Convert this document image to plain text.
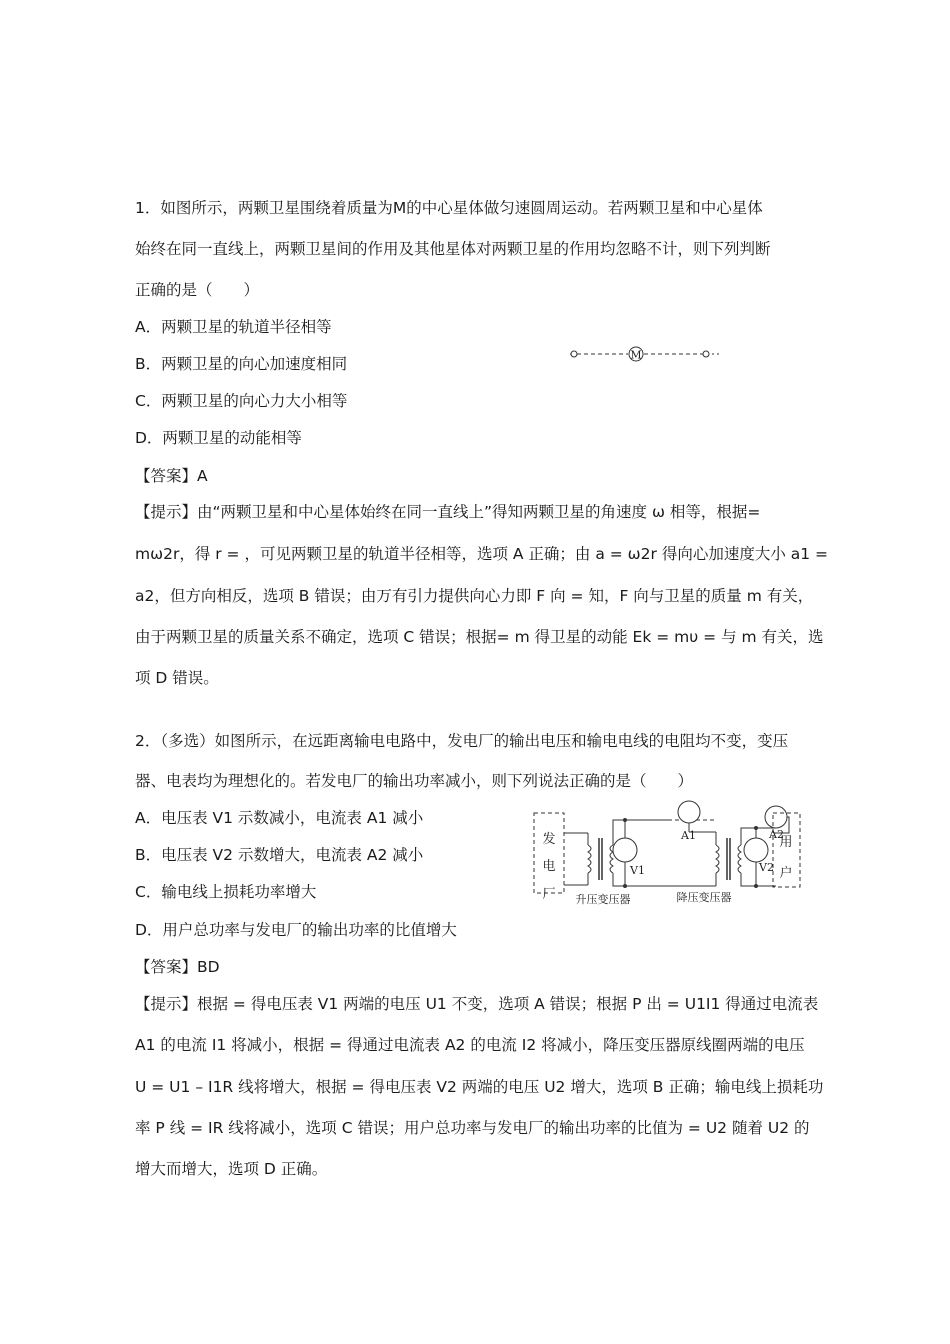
1．如图所示，两颗卫星围绕着质量为M的中心星体做匀速圆周运动。若两颗卫星和中心星体
始终在同一直线上，两颗卫星间的作用及其他星体对两颗卫星的作用均忽略不计，则下列判断
正确的是（　　）
A．两颗卫星的轨道半径相等
B．两颗卫星的向心加速度相同
C．两颗卫星的向心力大小相等
D．两颗卫星的动能相等
【答案】A
【提示】由“两颗卫星和中心星体始终在同一直线上”得知两颗卫星的角速度 ω 相等，根据=
mω2r，得 r = ，可见两颗卫星的轨道半径相等，选项 A 正确；由 a = ω2r 得向心加速度大小 a1 =
a2，但方向相反，选项 B 错误；由万有引力提供向心力即 F 向 = 知，F 向与卫星的质量 m 有关，
由于两颗卫星的质量关系不确定，选项 C 错误；根据= m 得卫星的动能 Ek = mυ = 与 m 有关，选
项 D 错误。
M
2．（多选）如图所示，在远距离输电电路中，发电厂的输出电压和输电电线的电阻均不变，变压
器、电表均为理想化的。若发电厂的输出功率减小，则下列说法正确的是（　　）
A．电压表 V1 示数减小，电流表 A1 减小
B．电压表 V2 示数增大，电流表 A2 减小
C．输电线上损耗功率增大
D．用户总功率与发电厂的输出功率的比值增大
【答案】BD
【提示】根据 = 得电压表 V1 两端的电压 U1 不变，选项 A 错误；根据 P 出 = U1I1 得通过电流表
A1 的电流 I1 将减小，根据 = 得通过电流表 A2 的电流 I2 将减小，降压变压器原线圈两端的电压
U = U1 – I1R 线将增大，根据 = 得电压表 V2 两端的电压 U2 增大，选项 B 正确；输电线上损耗功
率 P 线 = IR 线将减小，选项 C 错误；用户总功率与发电厂的输出功率的比值为 = U2 随着 U2 的
增大而增大，选项 D 正确。
发
电
厂
V1
A1
V2
A2
用
户
升压变压器	降压变压器
